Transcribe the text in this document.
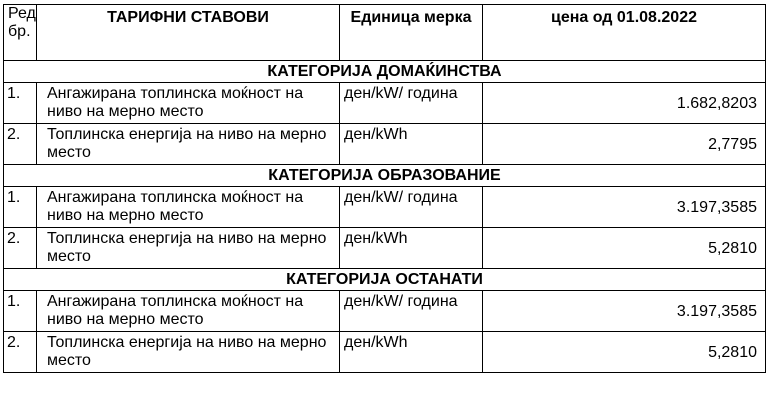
Ред бр.	ТАРИФНИ СТАВОВИ	Единица мерка	цена од 01.08.2022
КАТЕГОРИЈА ДОМАЌИНСТВА			
1.	Ангажирана топлинска моќност на ниво на мерно место	ден/kW/ година	1.682,8203
2.	Топлинска енергија на ниво на мерно место	ден/kWh	2,7795
КАТЕГОРИЈА ОБРАЗОВАНИЕ			
1.	Ангажирана топлинска моќност на ниво на мерно место	ден/kW/ година	3.197,3585
2.	Топлинска енергија на ниво на мерно место	ден/kWh	5,2810
КАТЕГОРИЈА ОСТАНАТИ			
1.	Ангажирана топлинска моќност на ниво на мерно место	ден/kW/ година	3.197,3585
2.	Топлинска енергија на ниво на мерно место	ден/kWh	5,2810
